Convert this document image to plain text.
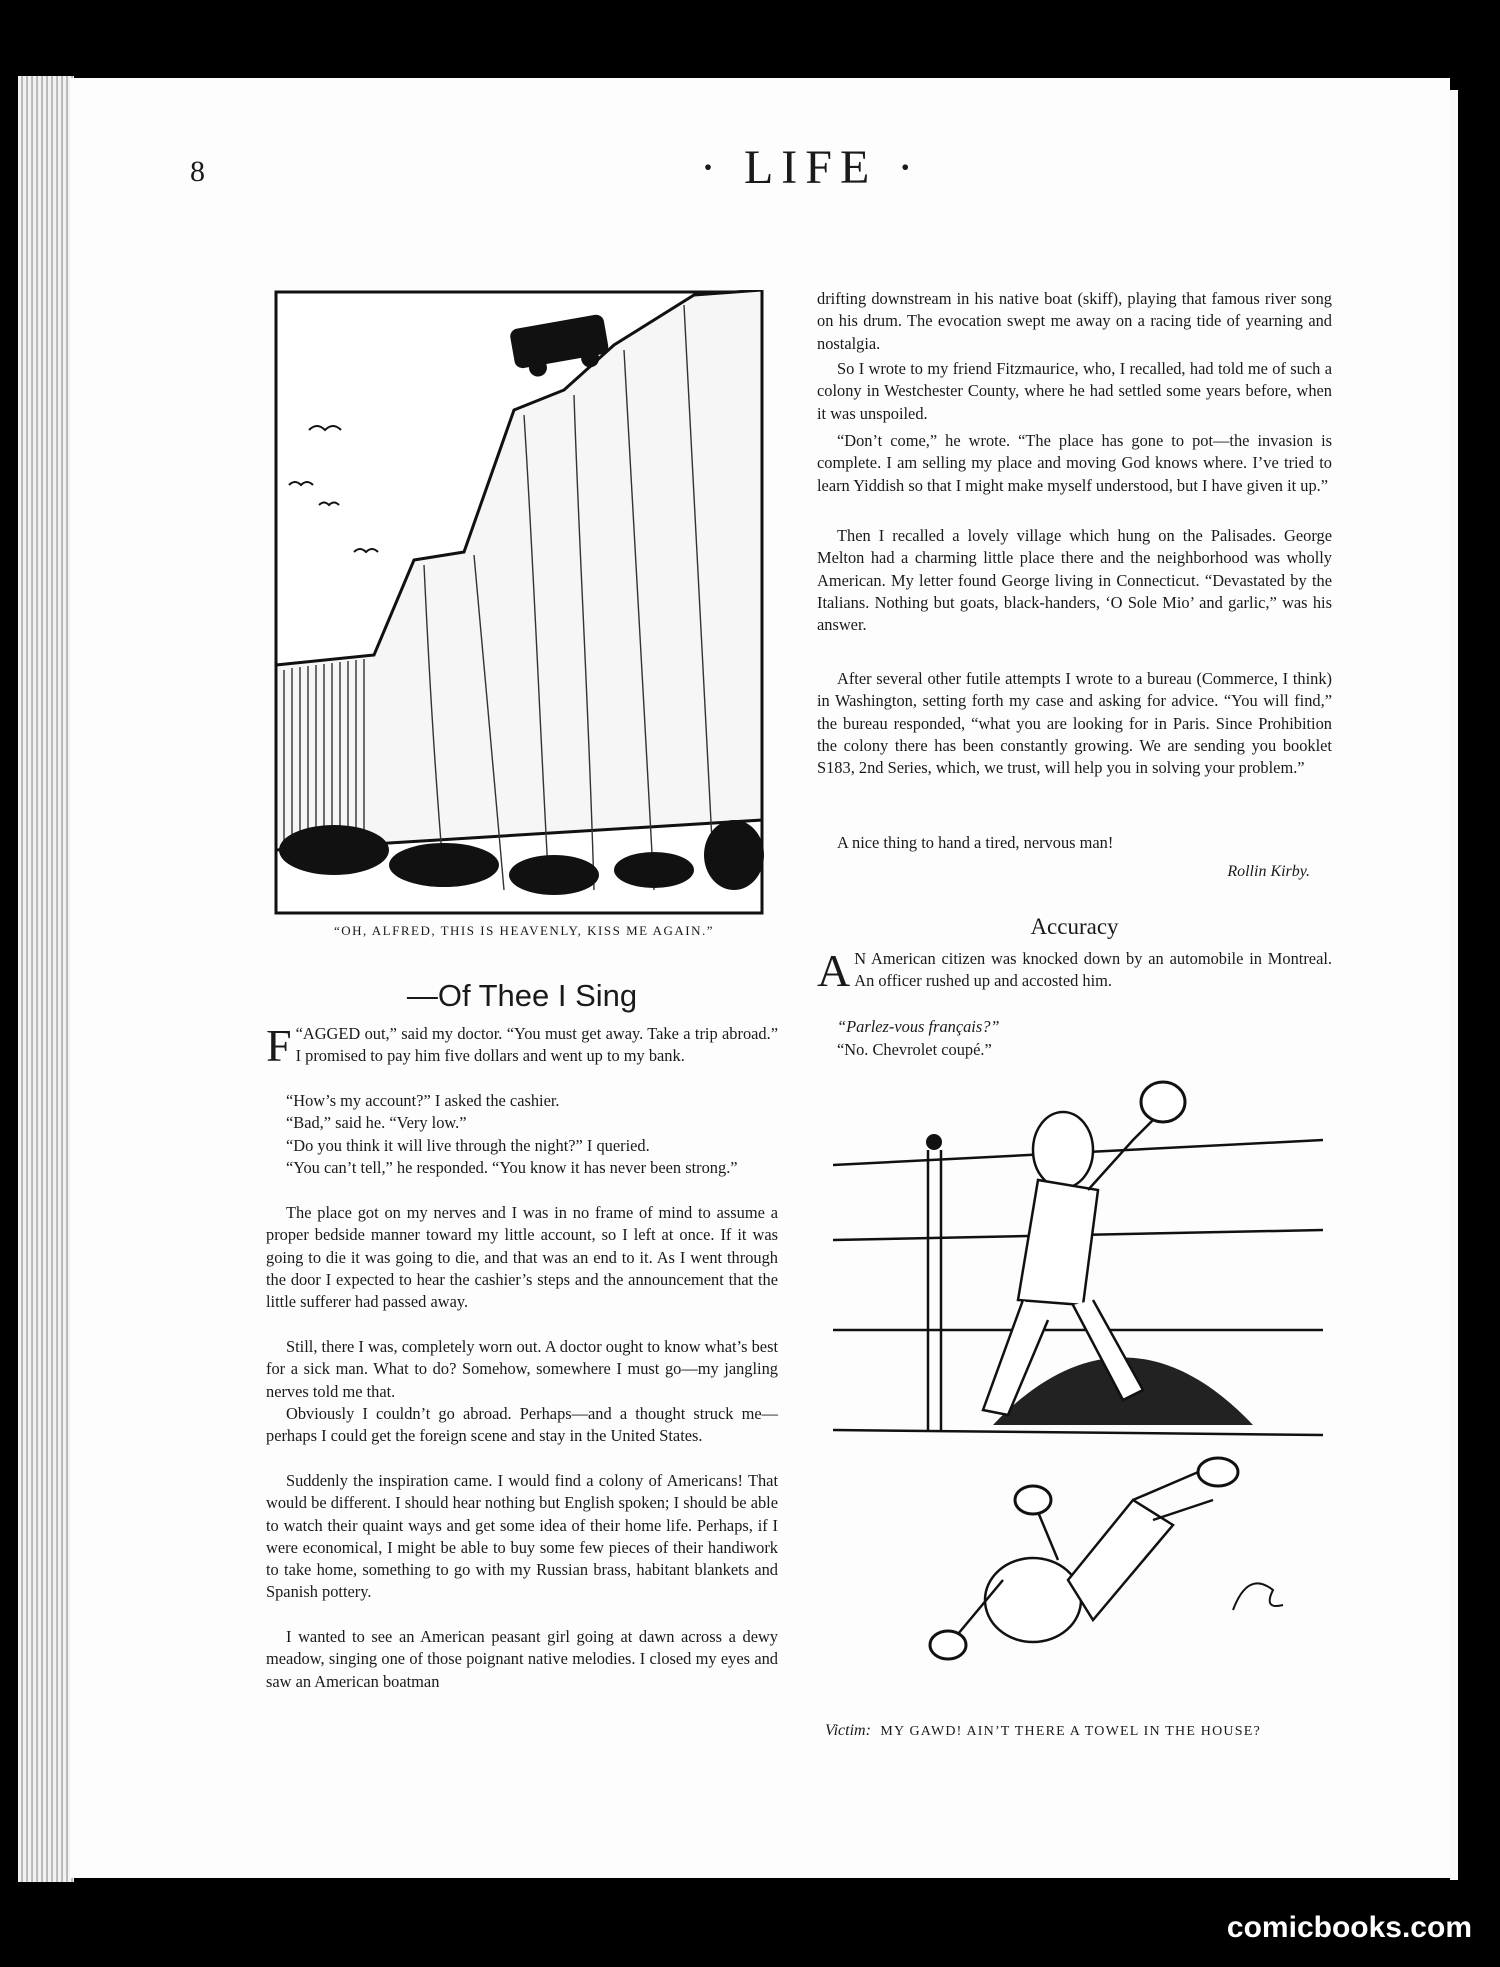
8	· LIFE ·
“OH, ALFRED, THIS IS HEAVENLY, KISS ME AGAIN.”
—Of Thee I Sing

“
F AGGED out,” said my doctor. “You must get away. Take a trip abroad.” I promised to pay him five dollars and went up to my bank.

“How’s my account?” I asked the cashier.

“Bad,” said he. “Very low.”

“Do you think it will live through the night?” I queried.

“You can’t tell,” he responded. “You know it has never been strong.”

The place got on my nerves and I was in no frame of mind to assume a proper bedside manner toward my little account, so I left at once. If it was going to die it was going to die, and that was an end to it. As I went through the door I expected to hear the cashier’s steps and the announcement that the little sufferer had passed away.

Still, there I was, completely worn out. A doctor ought to know what’s best for a sick man. What to do? Somehow, somewhere I must go—my jangling nerves told me that.

Obviously I couldn’t go abroad. Perhaps—and a thought struck me—perhaps I could get the foreign scene and stay in the United States.

Suddenly the inspiration came. I would find a colony of Americans! That would be different. I should hear nothing but English spoken; I should be able to watch their quaint ways and get some idea of their home life. Perhaps, if I were economical, I might be able to buy some few pieces of their handiwork to take home, something to go with my Russian brass, habitant blankets and Spanish pottery.

I wanted to see an American peasant girl going at dawn across a dewy meadow, singing one of those poignant native melodies. I closed my eyes and saw an American boatman

drifting downstream in his native boat (skiff), playing that famous river song on his drum. The evocation swept me away on a racing tide of yearning and nostalgia.

So I wrote to my friend Fitzmaurice, who, I recalled, had told me of such a colony in Westchester County, where he had settled some years before, when it was unspoiled.

“Don’t come,” he wrote. “The place has gone to pot—the invasion is complete. I am selling my place and moving God knows where. I’ve tried to learn Yiddish so that I might make myself understood, but I have given it up.”

Then I recalled a lovely village which hung on the Palisades. George Melton had a charming little place there and the neighborhood was wholly American. My letter found George living in Connecticut. “Devastated by the Italians. Nothing but goats, black-handers, ‘O Sole Mio’ and garlic,” was his answer.

After several other futile attempts I wrote to a bureau (Commerce, I think) in Washington, setting forth my case and asking for advice. “You will find,” the bureau responded, “what you are looking for in Paris. Since Prohibition the colony there has been constantly growing. We are sending you booklet S183, 2nd Series, which, we trust, will help you in solving your problem.”

A nice thing to hand a tired, nervous man!

Rollin Kirby.
Accuracy

A N American citizen was knocked down by an automobile in Montreal. An officer rushed up and accosted him.

“Parlez-vous français?”

“No. Chevrolet coupé.”

Victim: MY GAWD! AIN’T THERE A TOWEL IN THE HOUSE?
comicbooks.com
